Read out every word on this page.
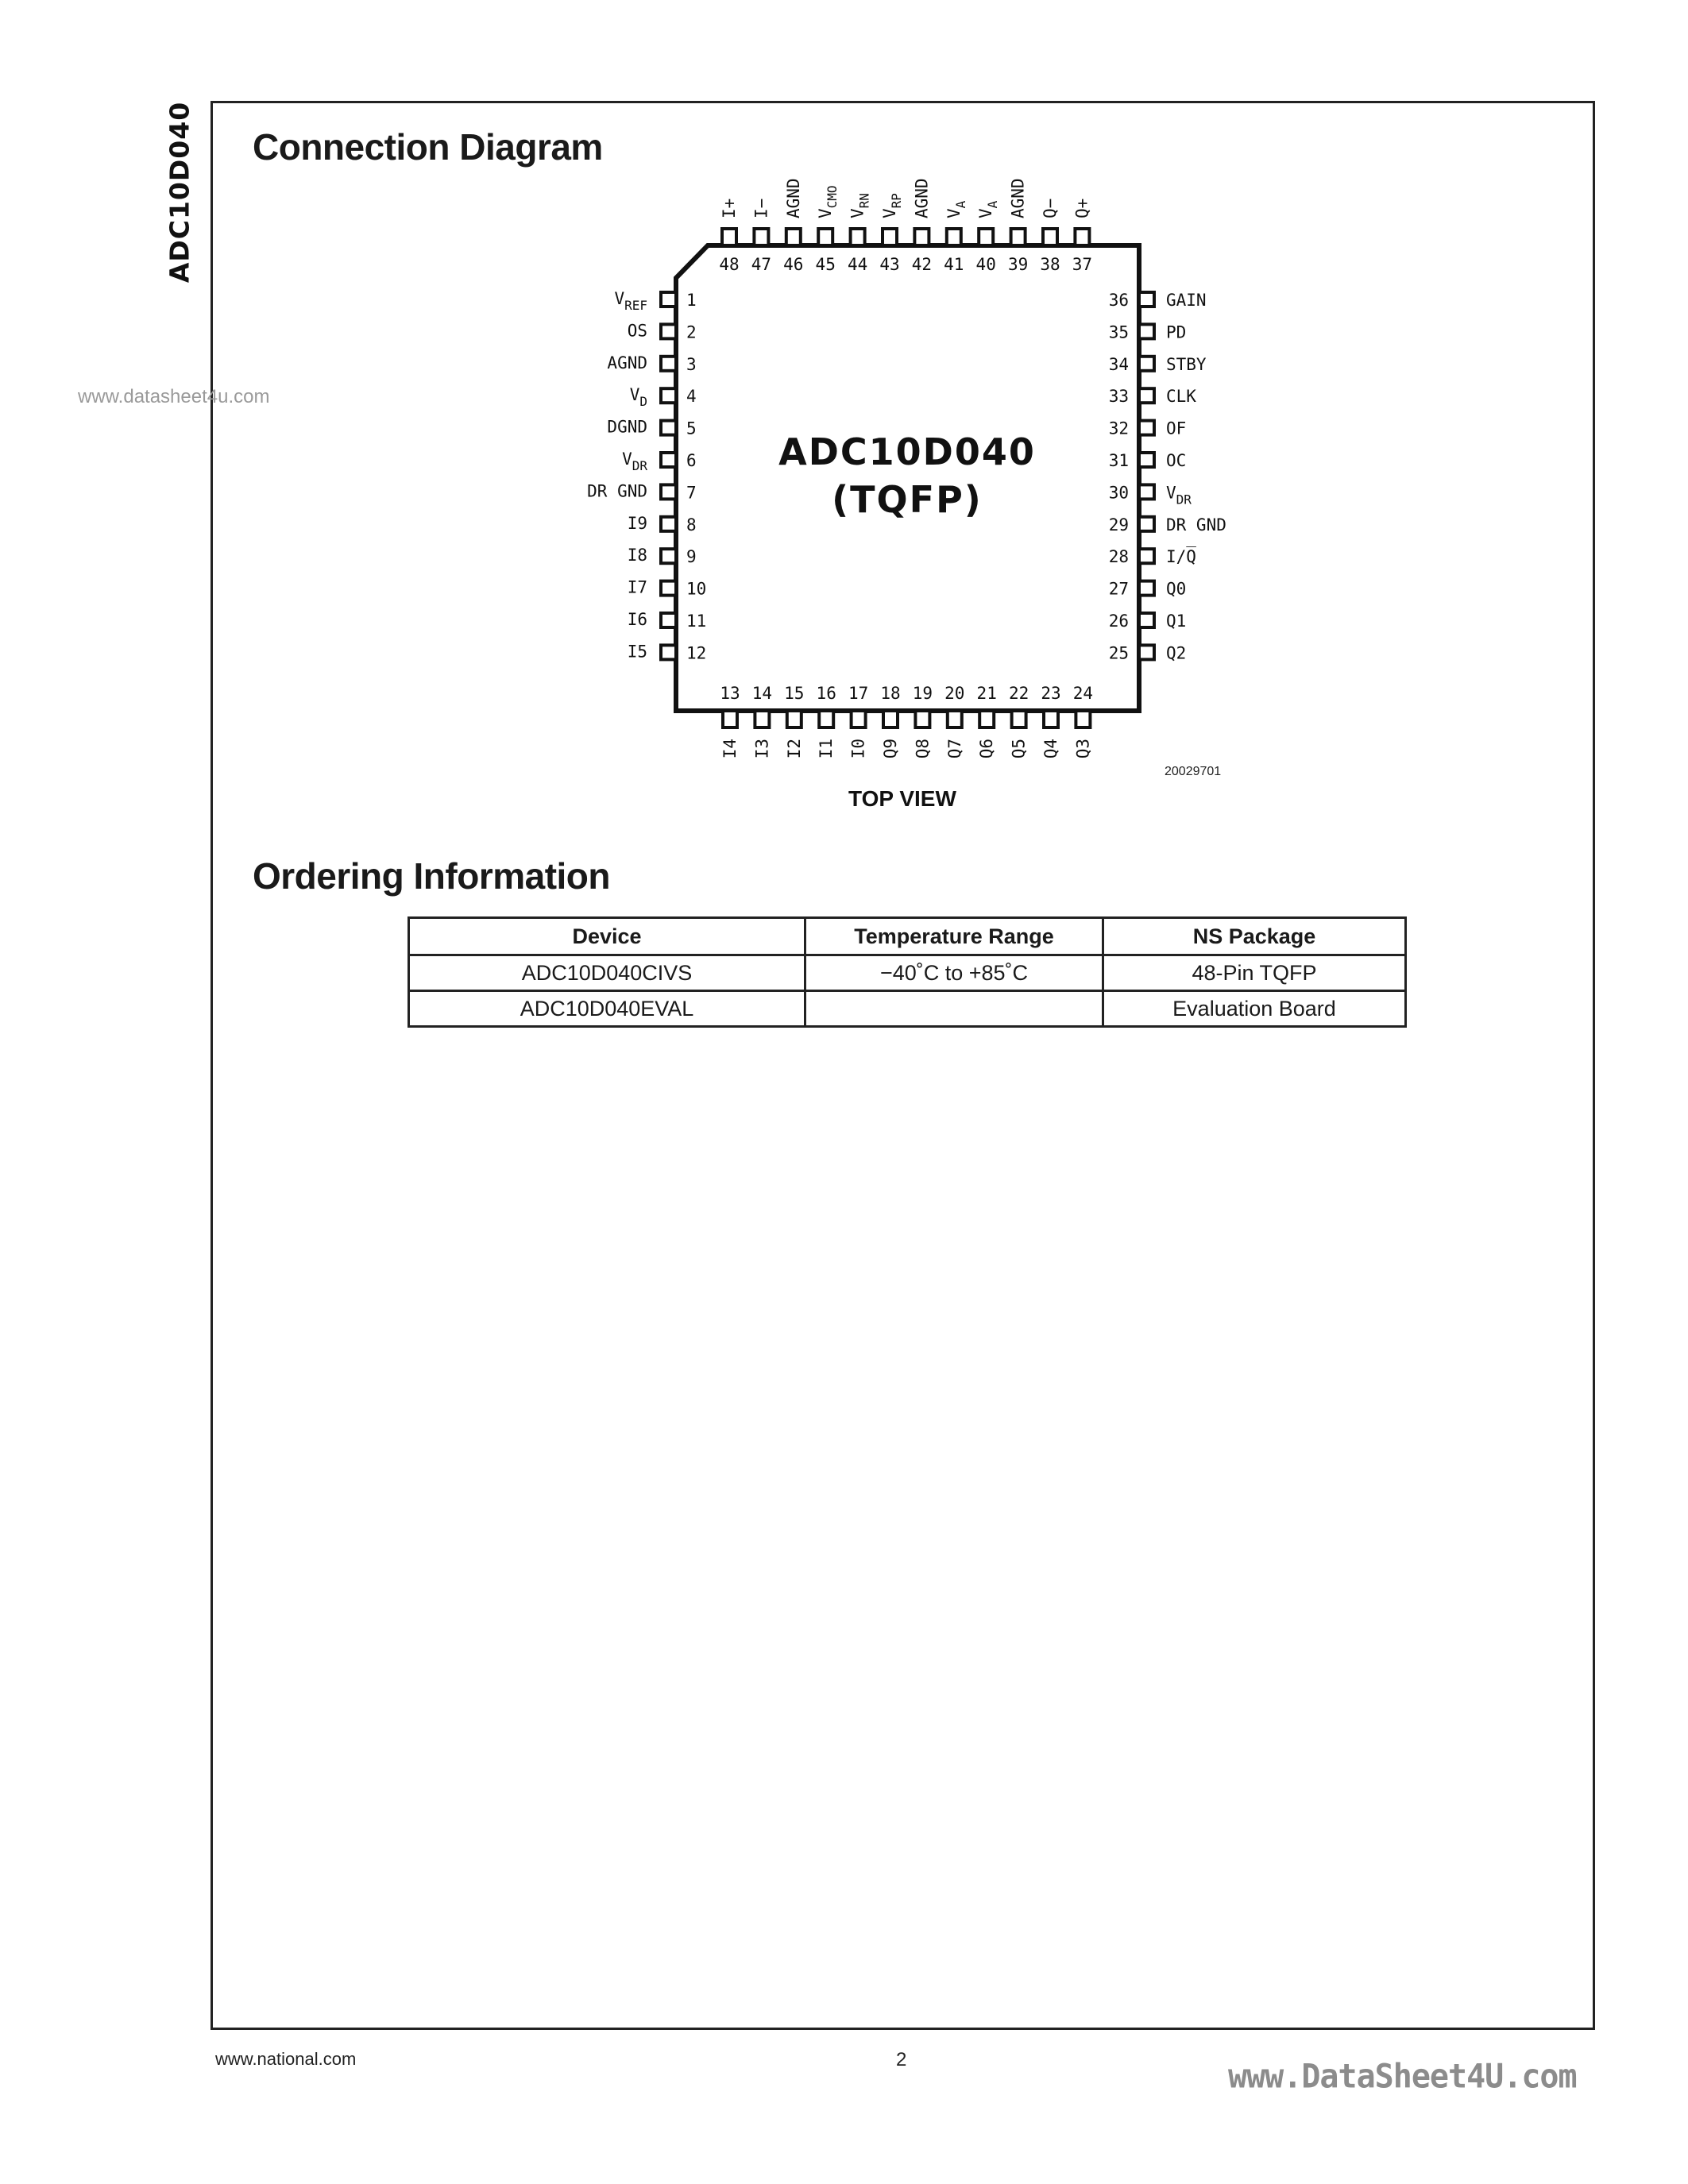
ADC10D040
www.datasheet4u.com
Connection Diagram
1
$V_{REF}$
2
OS
3
AGND
4
$V_D$
5
DGND
6
$V_{DR}$
7
DR GND
8
I9
9
I8
10
I7
11
I6
12
I5
36 GAIN
35 PD
34 STBY
33 CLK
32 OF
31 OC
30 $V_{DR}$
29 DR GND
28 I/Q̅
27 Q0
26 Q1
25 Q2
48
I+
47
I−
46
AGND
45
$V_{CMO}$
44
$V_{RN}$
43
$V_{RP}$
42
AGND
41
$V_A$
40
$V_A$
39
AGND
38
Q−
37
Q+
13
I4
14
I3
15
I2
16
I1
17
I0
18
Q9
19
Q8
20
Q7
21
Q6
22
Q5
23
Q4
24
Q3
ADC10D040
(TQFP)
20029701
TOP VIEW
Ordering Information
Device	Temperature Range	NS Package
ADC10D040CIVS	−40˚C to +85˚C	48-Pin TQFP
ADC10D040EVAL		Evaluation Board
www.national.com	2	www.DataSheet4U.com
